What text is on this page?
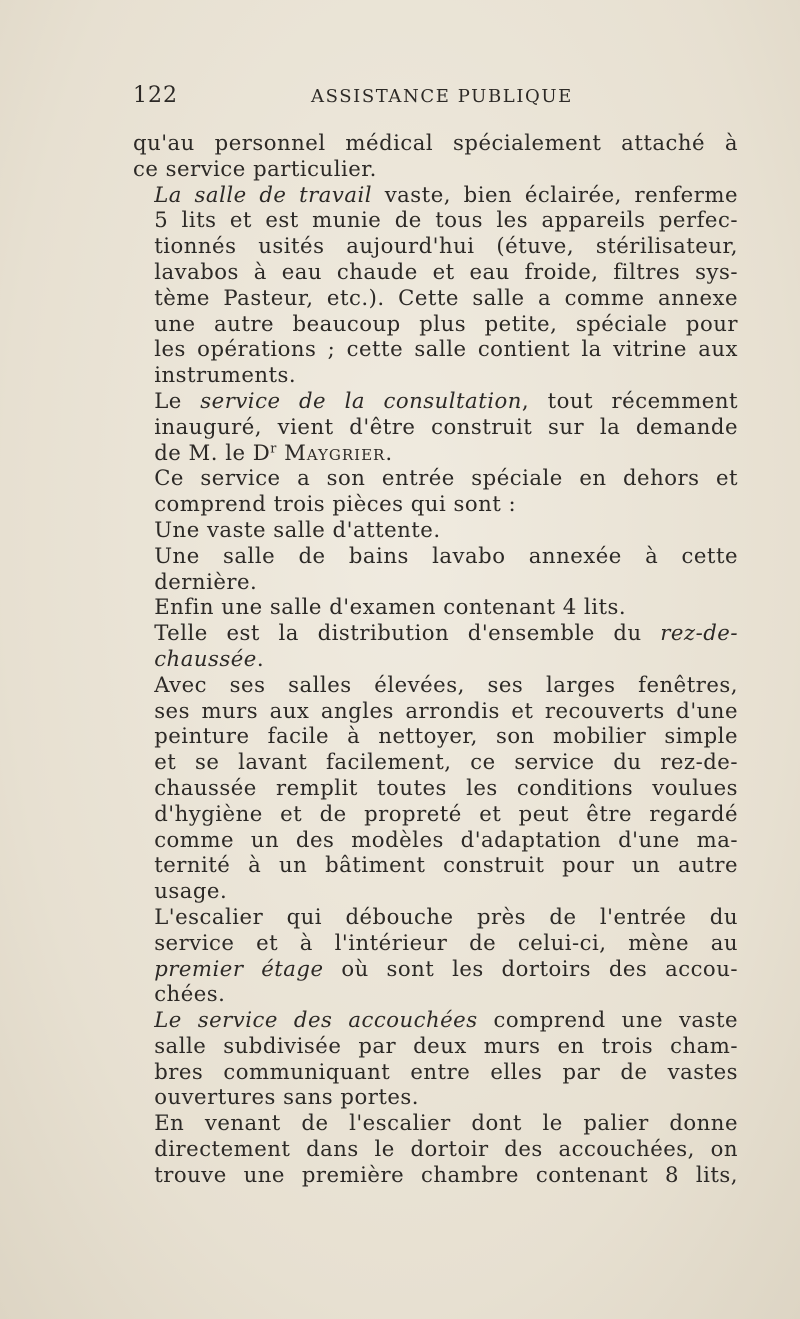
122	ASSISTANCE PUBLIQUE

qu'au personnel médical spécialement attaché à
ce service particulier.

La salle de travail vaste, bien éclairée, renferme
5 lits et est munie de tous les appareils perfec-
tionnés usités aujourd'hui (étuve, stérilisateur,
lavabos à eau chaude et eau froide, filtres sys-
tème Pasteur, etc.). Cette salle a comme annexe
une autre beaucoup plus petite, spéciale pour
les opérations ; cette salle contient la vitrine aux
instruments.

Le service de la consultation, tout récemment
inauguré, vient d'être construit sur la demande
de M. le $D^r$ Maygrier.

Ce service a son entrée spéciale en dehors et
comprend trois pièces qui sont :

Une vaste salle d'attente.

Une salle de bains lavabo annexée à cette
dernière.

Enfin une salle d'examen contenant 4 lits.

Telle est la distribution d'ensemble du rez-de-
chaussée.

Avec ses salles élevées, ses larges fenêtres,
ses murs aux angles arrondis et recouverts d'une
peinture facile à nettoyer, son mobilier simple
et se lavant facilement, ce service du rez-de-
chaussée remplit toutes les conditions voulues
d'hygiène et de propreté et peut être regardé
comme un des modèles d'adaptation d'une ma-
ternité à un bâtiment construit pour un autre
usage.

L'escalier qui débouche près de l'entrée du
service et à l'intérieur de celui-ci, mène au
premier étage où sont les dortoirs des accou-
chées.

Le service des accouchées comprend une vaste
salle subdivisée par deux murs en trois cham-
bres communiquant entre elles par de vastes
ouvertures sans portes.

En venant de l'escalier dont le palier donne
directement dans le dortoir des accouchées, on
trouve une première chambre contenant 8 lits,
